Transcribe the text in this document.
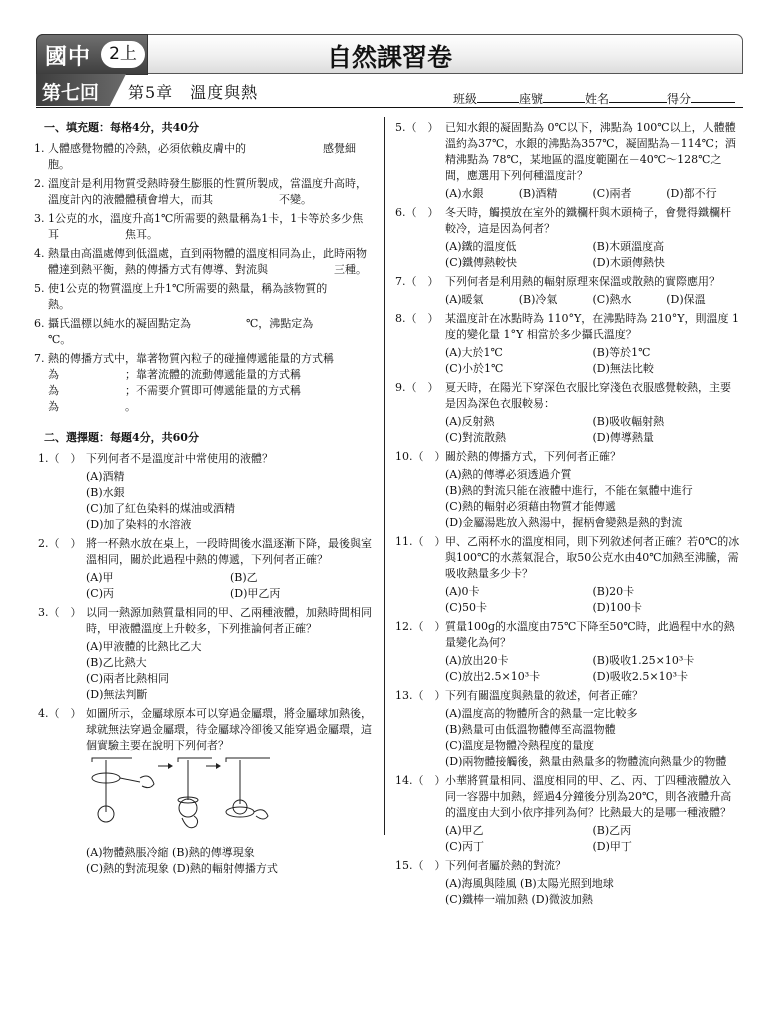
國中	2上	自然課習卷
第七回 第5章　溫度與熱	班級	座號	姓名	得分
一、填充題：每格4分，共40分
1. 人體感覺物體的冷熱，必須依賴皮膚中的　　　　　　　感覺細胞。
2. 溫度計是利用物質受熱時發生膨脹的性質所製成，當溫度升高時，溫度計內的液體體積會增大，而其　　　　　　不變。
3. 1公克的水，溫度升高1℃所需要的熱量稱為1卡，1卡等於多少焦耳　　　　　　焦耳。
4. 熱量由高溫處傳到低溫處，直到兩物體的溫度相同為止，此時兩物體達到熱平衡，熱的傳播方式有傳導、對流與　　　　　　三種。
5. 使1公克的物質溫度上升1℃所需要的熱量，稱為該物質的　　　　　　熱。
6. 攝氏溫標以純水的凝固點定為　　　　　℃，沸點定為　　　　　　℃。
7. 熱的傳播方式中，靠著物質內粒子的碰撞傳遞能量的方式稱為　　　　　　；靠著流體的流動傳遞能量的方式稱為　　　　　　；不需要介質即可傳遞能量的方式稱為　　　　　　。
二、選擇題：每題4分，共60分
1.（　） 下列何者不是溫度計中常使用的液體？
(A)酒精
(B)水銀
(C)加了紅色染料的煤油或酒精
(D)加了染料的水溶液
2.（　） 將一杯熱水放在桌上，一段時間後水溫逐漸下降，最後與室溫相同，關於此過程中熱的傳遞，下列何者正確？
(A)甲	(B)乙
(C)丙	(D)甲乙丙
3.（　） 以同一熱源加熱質量相同的甲、乙兩種液體，加熱時間相同時，甲液體溫度上升較多，下列推論何者正確？
(A)甲液體的比熱比乙大
(B)乙比熱大
(C)兩者比熱相同
(D)無法判斷
4.（　） 如圖所示，金屬球原本可以穿過金屬環，將金屬球加熱後，球就無法穿過金屬環，待金屬球冷卻後又能穿過金屬環，這個實驗主要在說明下列何者？
(A)物體熱脹冷縮 (B)熱的傳導現象
(C)熱的對流現象 (D)熱的輻射傳播方式
5.（　） 已知水銀的凝固點為 0℃以下，沸點為 100℃以上，人體體溫約為37℃，水銀的沸點為357℃，凝固點為－114℃；酒精沸點為 78℃，某地區的溫度範圍在－40℃～128℃之間，應選用下列何種溫度計？
(A)水銀	(B)酒精	(C)兩者	(D)都不行
6.（　） 冬天時，觸摸放在室外的鐵欄杆與木頭椅子，會覺得鐵欄杆較冷，這是因為何者？
(A)鐵的溫度低	(B)木頭溫度高
(C)鐵傳熱較快	(D)木頭傳熱快
7.（　） 下列何者是利用熱的輻射原理來保溫或散熱的實際應用？
(A)暖氣	(B)冷氣	(C)熱水	(D)保溫
8.（　） 某溫度計在冰點時為 110°Y，在沸點時為 210°Y，則溫度 1 度的變化量 1°Y 相當於多少攝氏溫度？
(A)大於1℃	(B)等於1℃
(C)小於1℃	(D)無法比較
9.（　） 夏天時，在陽光下穿深色衣服比穿淺色衣服感覺較熱，主要是因為深色衣服較易：
(A)反射熱	(B)吸收輻射熱
(C)對流散熱	(D)傳導熱量
10.（　） 關於熱的傳播方式，下列何者正確？
(A)熱的傳導必須透過介質
(B)熱的對流只能在液體中進行，不能在氣體中進行
(C)熱的輻射必須藉由物質才能傳遞
(D)金屬湯匙放入熱湯中，握柄會變熱是熱的對流
11.（　） 甲、乙兩杯水的溫度相同，則下列敘述何者正確？若0℃的冰與100℃的水蒸氣混合，取50公克水由40℃加熱至沸騰，需吸收熱量多少卡？
(A)0卡	(B)20卡
(C)50卡	(D)100卡
12.（　） 質量100g的水溫度由75℃下降至50℃時，此過程中水的熱量變化為何？
(A)放出20卡	(B)吸收1.25×10³卡
(C)放出2.5×10³卡	(D)吸收2.5×10³卡
13.（　） 下列有關溫度與熱量的敘述，何者正確？
(A)溫度高的物體所含的熱量一定比較多
(B)熱量可由低溫物體傳至高溫物體
(C)溫度是物體冷熱程度的量度
(D)兩物體接觸後，熱量由熱量多的物體流向熱量少的物體
14.（　） 小華將質量相同、溫度相同的甲、乙、丙、丁四種液體放入同一容器中加熱，經過4分鐘後分別為20℃，則各液體升高的溫度由大到小依序排列為何？比熱最大的是哪一種液體？
(A)甲乙	(B)乙丙
(C)丙丁	(D)甲丁
15.（　） 下列何者屬於熱的對流？
(A)海風與陸風 (B)太陽光照到地球
(C)鐵棒一端加熱 (D)微波加熱
